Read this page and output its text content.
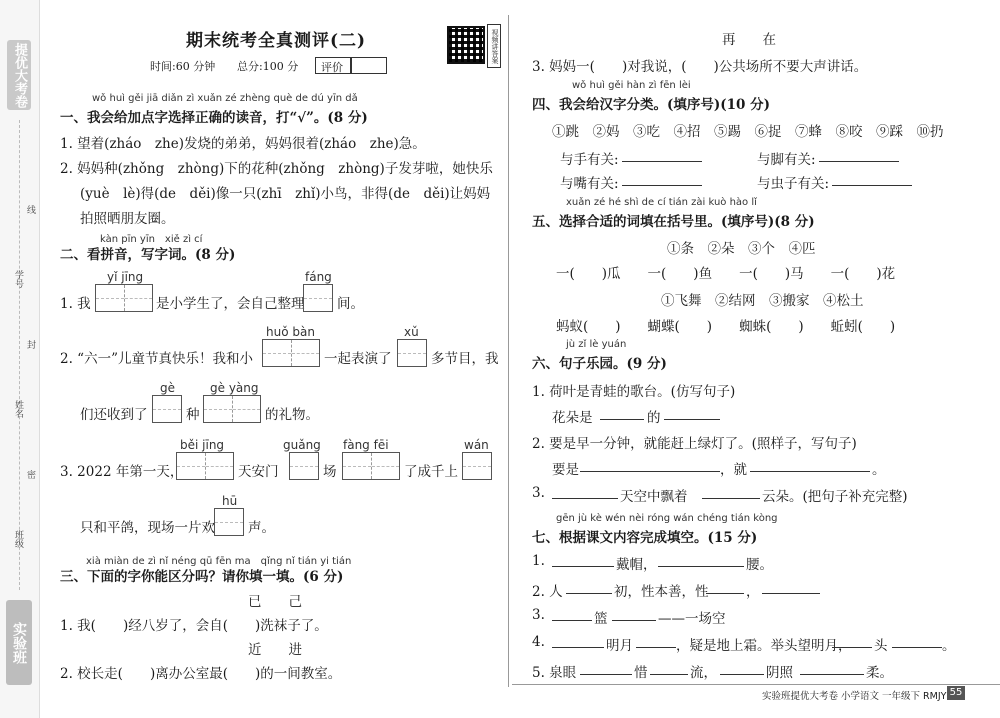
提优大考卷
线
学号
封
姓名
密
班级
实验班
期末统考全真测评(二)
时间:60 分钟 总分:100 分 评价
视频讲答案
wǒ huì gěi jiā diǎn zì xuǎn zé zhèng què de dú yīn dǎ
一、我会给加点字选择正确的读音，打“√”。(8 分)
1. 望着(zháo　zhe)发烧的弟弟，妈妈很着(zháo　zhe)急。
2. 妈妈种(zhǒng　zhòng)下的花种(zhǒng　zhòng)子发芽啦，她快乐
(yuè　lè)得(de　děi)像一只(zhī　zhǐ)小鸟，非得(de　děi)让妈妈
拍照晒朋友圈。
kàn pīn yīn　xiě zì cí
二、看拼音，写字词。(8 分)
yǐ jīng	fáng
1. 我	是小学生了，会自己整理 间。
huǒ bàn	xǔ
2. “六一”儿童节真快乐！我和小	一起表演了	多节目，我
gè	gè yàng
们还收到了	种	的礼物。
běi jīng	guǎng fàng fēi	wán
3. 2022 年第一天，	天安门	场	了成千上
hū
只和平鸽，现场一片欢 声。
xià miàn de zì nǐ néng qū fēn ma　qǐng nǐ tián yi tián
三、下面的字你能区分吗？请你填一填。(6 分)
已　　己
1. 我(　　)经八岁了，会自(　　)洗袜子了。
近　　进
2. 校长走(　　)离办公室最(　　)的一间教室。
再　　在
3. 妈妈一(　　)对我说，(　　)公共场所不要大声讲话。
wǒ huì gěi hàn zì fēn lèi
四、我会给汉字分类。(填序号)(10 分)
①跳　②妈　③吃　④招　⑤踢　⑥捉　⑦蜂　⑧咬　⑨踩　⑩扔
与手有关:	与脚有关:
与嘴有关:	与虫子有关:
xuǎn zé hé shì de cí tián zài kuò hào lǐ
五、选择合适的词填在括号里。(填序号)(8 分)
①条　②朵　③个　④匹
一(　　)瓜　　一(　　)鱼　　一(　　)马　　一(　　)花
①飞舞　②结网　③搬家　④松土
蚂蚁(　　)　　蝴蝶(　　)　　蜘蛛(　　)　　蚯蚓(　　)
jù zǐ lè yuán
六、句子乐园。(9 分)
1. 荷叶是青蛙的歌台。(仿写句子)
花朵是	的
2. 要是早一分钟，就能赶上绿灯了。(照样子，写句子)
要是	，就	。
3.	天空中飘着	云朵。(把句子补充完整)
gēn jù kè wén nèi róng wán chéng tián kòng
七、根据课文内容完成填空。(15 分)
1.	戴帽，	腰。
2. 人	初，性本善，性	，
3.	篮	——一场空
4.	明月	，疑是地上霜。举头望明月， 头	。
5. 泉眼	惜	流，	阴照	柔。
实验班提优大考卷 小学语文 一年级下 RMJY 55
